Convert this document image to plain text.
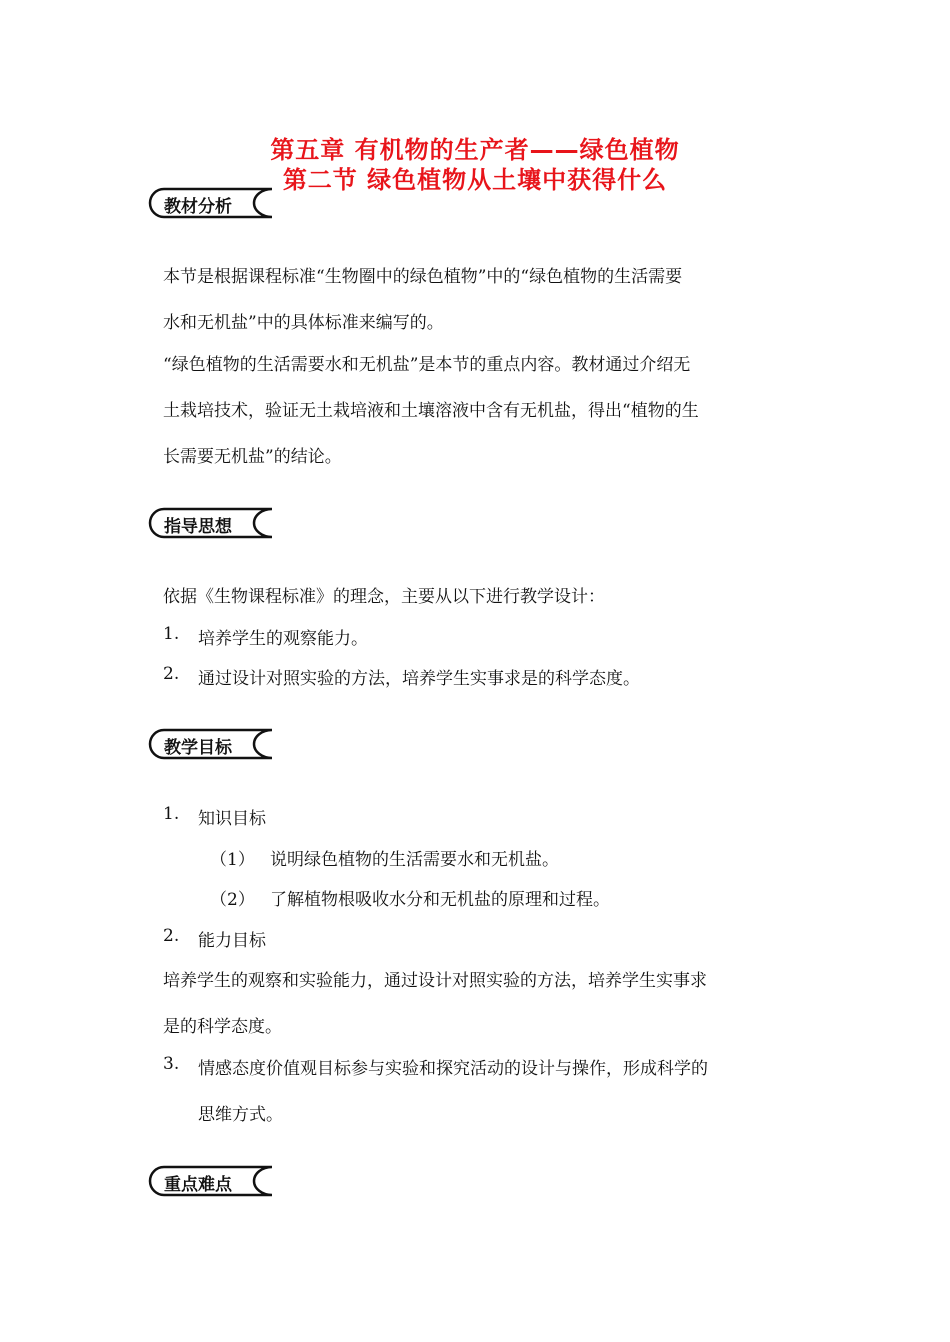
第五章 有机物的生产者——绿色植物
第二节 绿色植物从土壤中获得什么
教材分析
本节是根据课程标准“生物圈中的绿色植物”中的“绿色植物的生活需要
水和无机盐”中的具体标准来编写的。
“绿色植物的生活需要水和无机盐”是本节的重点内容。教材通过介绍无
土栽培技术，验证无土栽培液和土壤溶液中含有无机盐，得出“植物的生
长需要无机盐”的结论。
指导思想
依据《生物课程标准》的理念，主要从以下进行教学设计：
1. 培养学生的观察能力。
2. 通过设计对照实验的方法，培养学生实事求是的科学态度。
教学目标
1. 知识目标
（1） 说明绿色植物的生活需要水和无机盐。
（2） 了解植物根吸收水分和无机盐的原理和过程。
2. 能力目标
培养学生的观察和实验能力，通过设计对照实验的方法，培养学生实事求
是的科学态度。
3. 情感态度价值观目标参与实验和探究活动的设计与操作，形成科学的
思维方式。
重点难点
